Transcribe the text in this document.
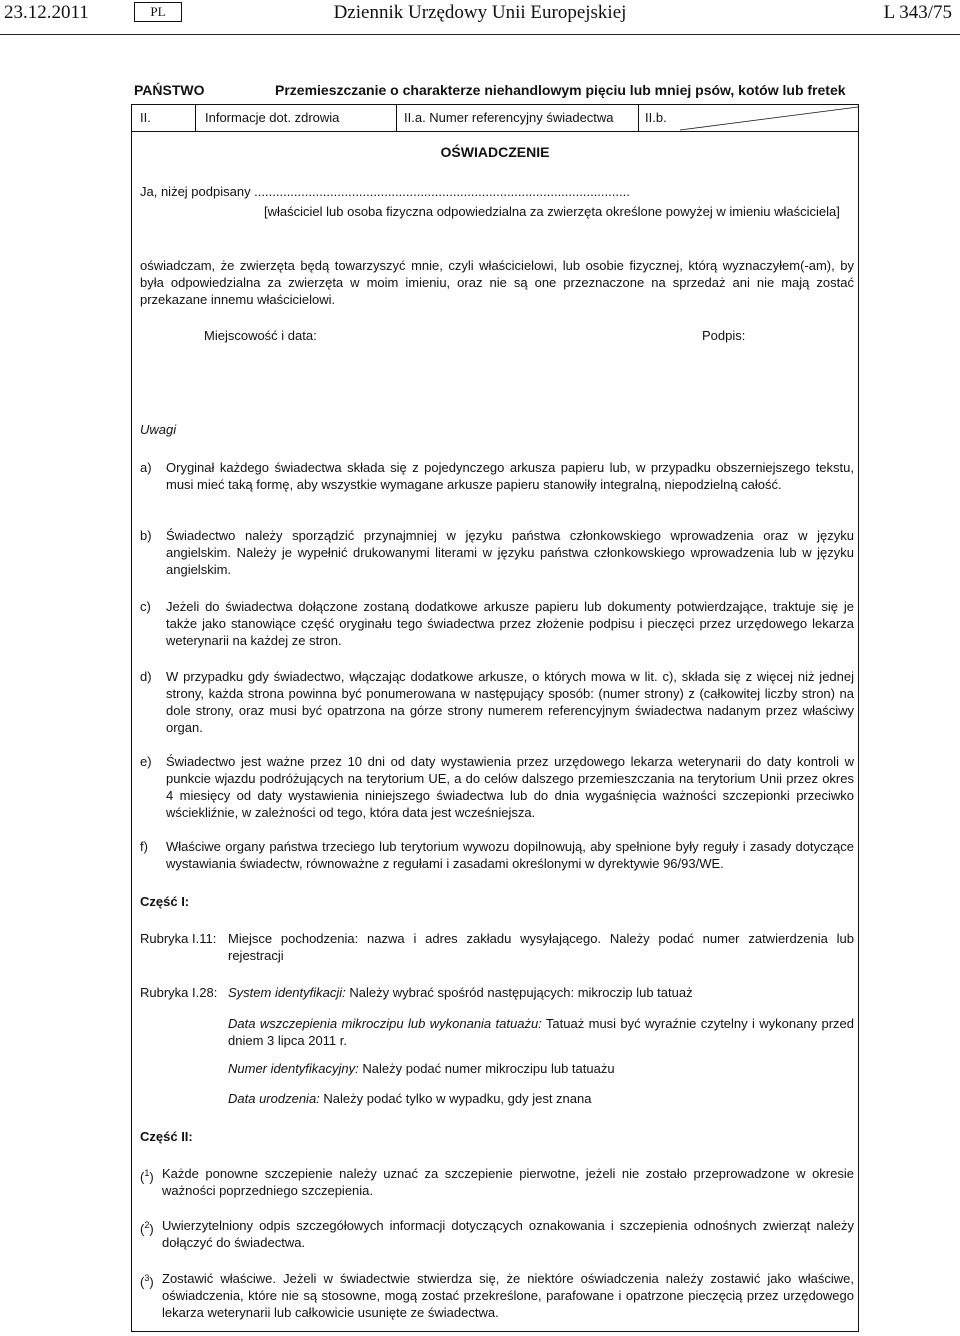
23.12.2011	PL	Dziennik Urzędowy Unii Europejskiej	L 343/75
PAŃSTWO	Przemieszczanie o charakterze niehandlowym pięciu lub mniej psów, kotów lub fretek
II.	Informacje dot. zdrowia	II.a. Numer referencyjny świadectwa	II.b.
OŚWIADCZENIE
Ja, niżej podpisany ........................................................................................................
[właściciel lub osoba fizyczna odpowiedzialna za zwierzęta określone powyżej w imieniu właściciela]
oświadczam, że zwierzęta będą towarzyszyć mnie, czyli właścicielowi, lub osobie fizycznej, którą wyznaczyłem(-am), by była odpowiedzialna za zwierzęta w moim imieniu, oraz nie są one przeznaczone na sprzedaż ani nie mają zostać przekazane innemu właścicielowi.
Miejscowość i data:	Podpis:
Uwagi
a) Oryginał każdego świadectwa składa się z pojedynczego arkusza papieru lub, w przypadku obszerniejszego tekstu, musi mieć taką formę, aby wszystkie wymagane arkusze papieru stanowiły integralną, niepodzielną całość.
b) Świadectwo należy sporządzić przynajmniej w języku państwa członkowskiego wprowadzenia oraz w języku angielskim. Należy je wypełnić drukowanymi literami w języku państwa członkowskiego wprowadzenia lub w języku angielskim.
c) Jeżeli do świadectwa dołączone zostaną dodatkowe arkusze papieru lub dokumenty potwierdzające, traktuje się je także jako stanowiące część oryginału tego świadectwa przez złożenie podpisu i pieczęci przez urzędowego lekarza weterynarii na każdej ze stron.
d) W przypadku gdy świadectwo, włączając dodatkowe arkusze, o których mowa w lit. c), składa się z więcej niż jednej strony, każda strona powinna być ponumerowana w następujący sposób: (numer strony) z (całkowitej liczby stron) na dole strony, oraz musi być opatrzona na górze strony numerem referencyjnym świadectwa nadanym przez właściwy organ.
e) Świadectwo jest ważne przez 10 dni od daty wystawienia przez urzędowego lekarza weterynarii do daty kontroli w punkcie wjazdu podróżujących na terytorium UE, a do celów dalszego przemieszczania na terytorium Unii przez okres 4 miesięcy od daty wystawienia niniejszego świadectwa lub do dnia wygaśnięcia ważności szczepionki przeciwko wściekliźnie, w zależności od tego, która data jest wcześniejsza.
f) Właściwe organy państwa trzeciego lub terytorium wywozu dopilnowują, aby spełnione były reguły i zasady dotyczące wystawiania świadectw, równoważne z regułami i zasadami określonymi w dyrektywie 96/93/WE.
Część I:
Rubryka I.11: Miejsce pochodzenia: nazwa i adres zakładu wysyłającego. Należy podać numer zatwierdzenia lub rejestracji
Rubryka I.28: System identyfikacji: Należy wybrać spośród następujących: mikroczip lub tatuaż
Data wszczepienia mikroczipu lub wykonania tatuażu: Tatuaż musi być wyraźnie czytelny i wykonany przed dniem 3 lipca 2011 r.
Numer identyfikacyjny: Należy podać numer mikroczipu lub tatuażu
Data urodzenia: Należy podać tylko w wypadku, gdy jest znana
Część II:
($^1$) Każde ponowne szczepienie należy uznać za szczepienie pierwotne, jeżeli nie zostało przeprowadzone w okresie ważności poprzedniego szczepienia.
($^2$) Uwierzytelniony odpis szczegółowych informacji dotyczących oznakowania i szczepienia odnośnych zwierząt należy dołączyć do świadectwa.
($^3$) Zostawić właściwe. Jeżeli w świadectwie stwierdza się, że niektóre oświadczenia należy zostawić jako właściwe, oświadczenia, które nie są stosowne, mogą zostać przekreślone, parafowane i opatrzone pieczęcią przez urzędowego lekarza weterynarii lub całkowicie usunięte ze świadectwa.
